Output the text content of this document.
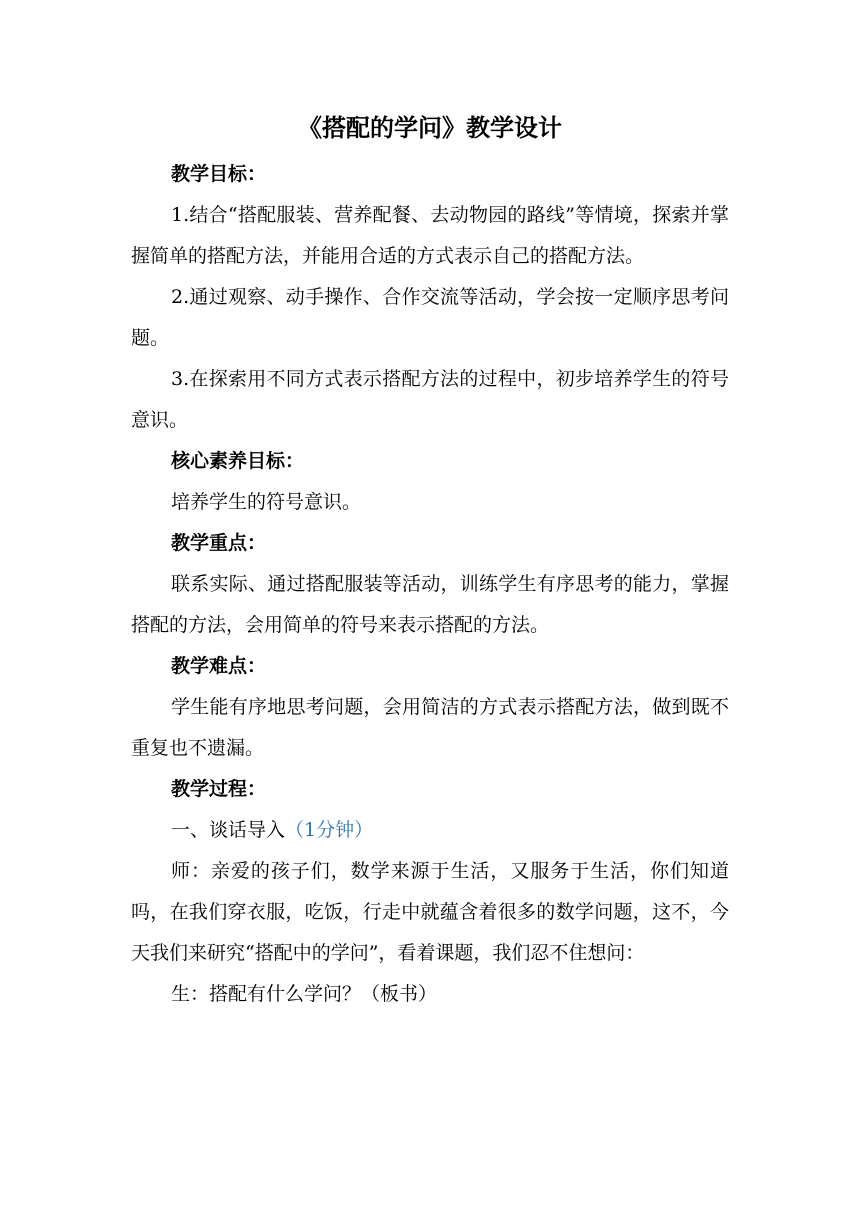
《搭配的学问》教学设计

教学目标：

1.结合“搭配服装、营养配餐、去动物园的路线”等情境，探索并掌握简单的搭配方法，并能用合适的方式表示自己的搭配方法。

2.通过观察、动手操作、合作交流等活动，学会按一定顺序思考问题。

3.在探索用不同方式表示搭配方法的过程中，初步培养学生的符号意识。

核心素养目标：

培养学生的符号意识。

教学重点：

联系实际、通过搭配服装等活动，训练学生有序思考的能力，掌握搭配的方法，会用简单的符号来表示搭配的方法。

教学难点：

学生能有序地思考问题，会用简洁的方式表示搭配方法，做到既不重复也不遗漏。

教学过程：

一、谈话导入（1分钟）

师：亲爱的孩子们，数学来源于生活，又服务于生活，你们知道吗，在我们穿衣服，吃饭，行走中就蕴含着很多的数学问题，这不，今天我们来研究“搭配中的学问”，看着课题，我们忍不住想问：

生：搭配有什么学问？（板书）
